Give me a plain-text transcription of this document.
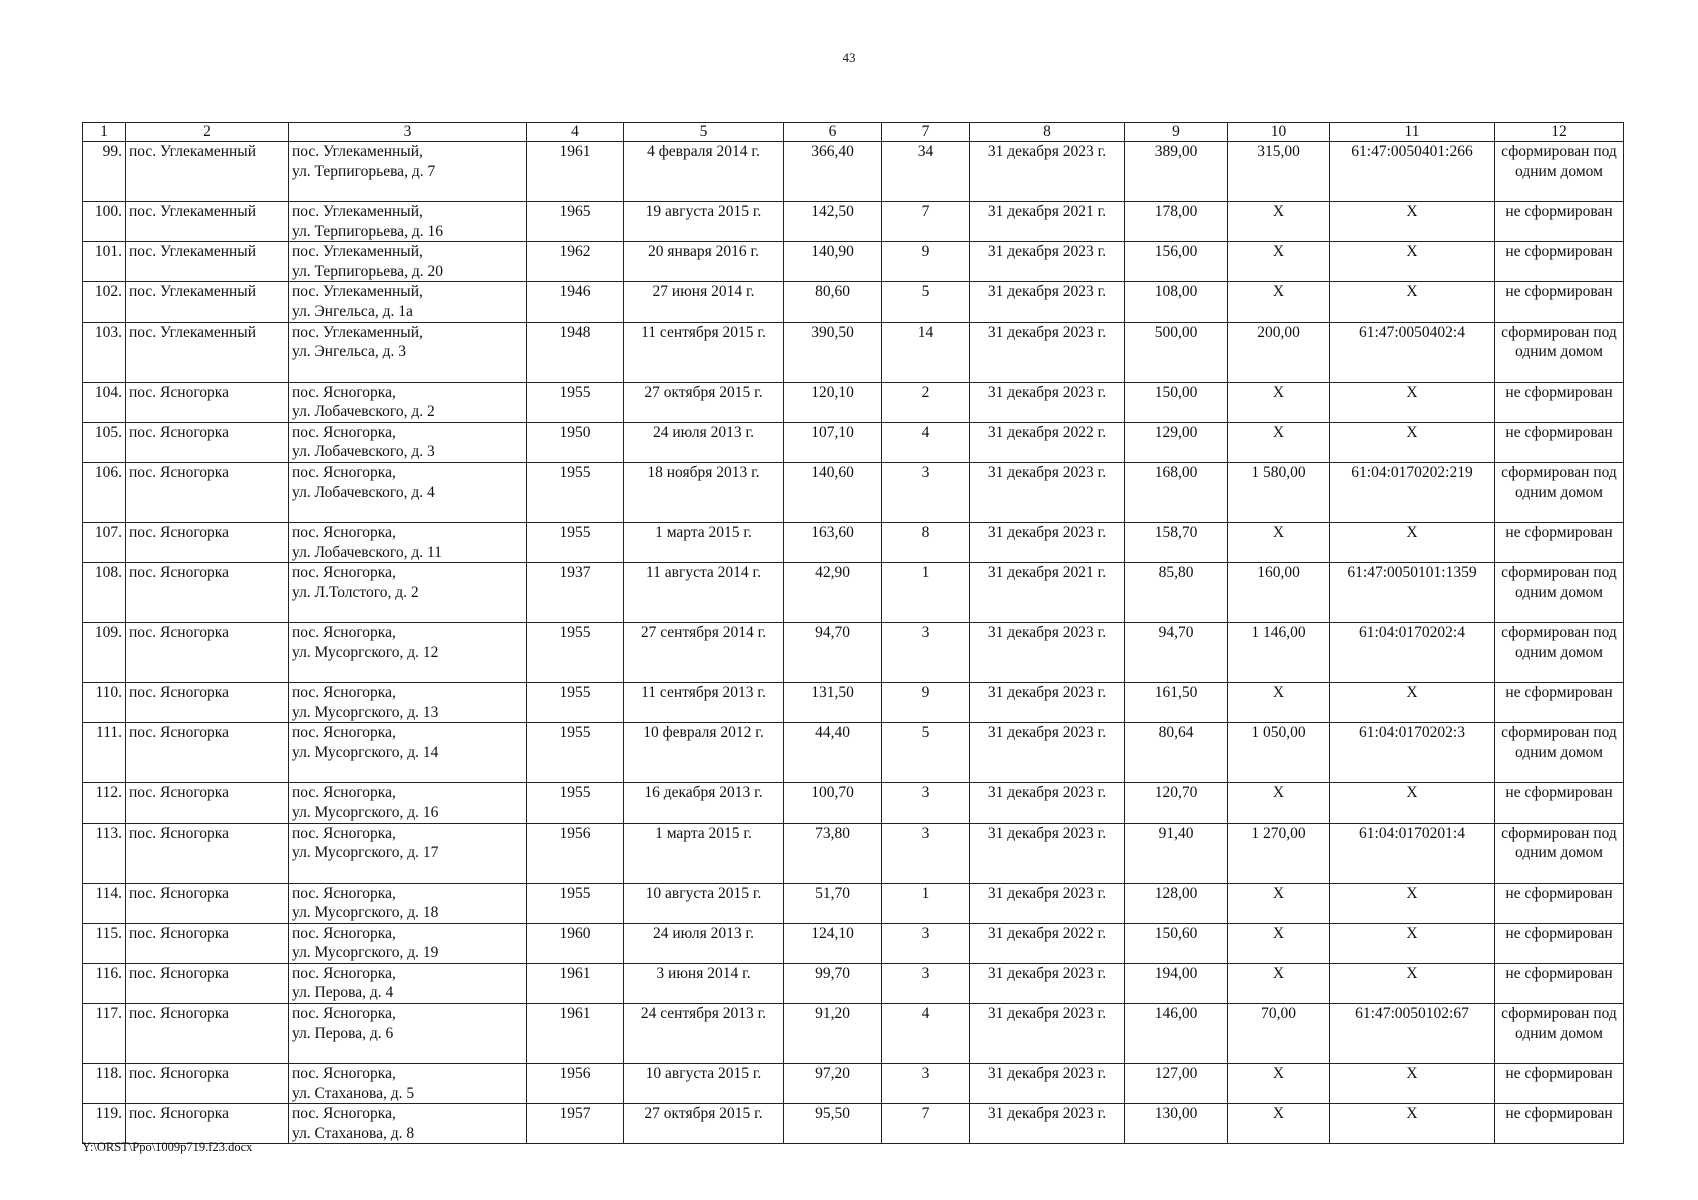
43
1	2	3	4	5	6	7	8	9	10	11	12
99.	пос. Углекаменный	пос. Углекаменный,
ул. Терпигорьева, д. 7	1961	4 февраля 2014 г.	366,40	34	31 декабря 2023 г.	389,00	315,00	61:47:0050401:266	сформирован под одним домом
100.	пос. Углекаменный	пос. Углекаменный,
ул. Терпигорьева, д. 16	1965	19 августа 2015 г.	142,50	7	31 декабря 2021 г.	178,00	X	X	не сформирован
101.	пос. Углекаменный	пос. Углекаменный,
ул. Терпигорьева, д. 20	1962	20 января 2016 г.	140,90	9	31 декабря 2023 г.	156,00	X	X	не сформирован
102.	пос. Углекаменный	пос. Углекаменный,
ул. Энгельса, д. 1а	1946	27 июня 2014 г.	80,60	5	31 декабря 2023 г.	108,00	X	X	не сформирован
103.	пос. Углекаменный	пос. Углекаменный,
ул. Энгельса, д. 3	1948	11 сентября 2015 г.	390,50	14	31 декабря 2023 г.	500,00	200,00	61:47:0050402:4	сформирован под одним домом
104.	пос. Ясногорка	пос. Ясногорка,
ул. Лобачевского, д. 2	1955	27 октября 2015 г.	120,10	2	31 декабря 2023 г.	150,00	X	X	не сформирован
105.	пос. Ясногорка	пос. Ясногорка,
ул. Лобачевского, д. 3	1950	24 июля 2013 г.	107,10	4	31 декабря 2022 г.	129,00	X	X	не сформирован
106.	пос. Ясногорка	пос. Ясногорка,
ул. Лобачевского, д. 4	1955	18 ноября 2013 г.	140,60	3	31 декабря 2023 г.	168,00	1 580,00	61:04:0170202:219	сформирован под одним домом
107.	пос. Ясногорка	пос. Ясногорка,
ул. Лобачевского, д. 11	1955	1 марта 2015 г.	163,60	8	31 декабря 2023 г.	158,70	X	X	не сформирован
108.	пос. Ясногорка	пос. Ясногорка,
ул. Л.Толстого, д. 2	1937	11 августа 2014 г.	42,90	1	31 декабря 2021 г.	85,80	160,00	61:47:0050101:1359	сформирован под одним домом
109.	пос. Ясногорка	пос. Ясногорка,
ул. Мусоргского, д. 12	1955	27 сентября 2014 г.	94,70	3	31 декабря 2023 г.	94,70	1 146,00	61:04:0170202:4	сформирован под одним домом
110.	пос. Ясногорка	пос. Ясногорка,
ул. Мусоргского, д. 13	1955	11 сентября 2013 г.	131,50	9	31 декабря 2023 г.	161,50	X	X	не сформирован
111.	пос. Ясногорка	пос. Ясногорка,
ул. Мусоргского, д. 14	1955	10 февраля 2012 г.	44,40	5	31 декабря 2023 г.	80,64	1 050,00	61:04:0170202:3	сформирован под одним домом
112.	пос. Ясногорка	пос. Ясногорка,
ул. Мусоргского, д. 16	1955	16 декабря 2013 г.	100,70	3	31 декабря 2023 г.	120,70	X	X	не сформирован
113.	пос. Ясногорка	пос. Ясногорка,
ул. Мусоргского, д. 17	1956	1 марта 2015 г.	73,80	3	31 декабря 2023 г.	91,40	1 270,00	61:04:0170201:4	сформирован под одним домом
114.	пос. Ясногорка	пос. Ясногорка,
ул. Мусоргского, д. 18	1955	10 августа 2015 г.	51,70	1	31 декабря 2023 г.	128,00	X	X	не сформирован
115.	пос. Ясногорка	пос. Ясногорка,
ул. Мусоргского, д. 19	1960	24 июля 2013 г.	124,10	3	31 декабря 2022 г.	150,60	X	X	не сформирован
116.	пос. Ясногорка	пос. Ясногорка,
ул. Перова, д. 4	1961	3 июня 2014 г.	99,70	3	31 декабря 2023 г.	194,00	X	X	не сформирован
117.	пос. Ясногорка	пос. Ясногорка,
ул. Перова, д. 6	1961	24 сентября 2013 г.	91,20	4	31 декабря 2023 г.	146,00	70,00	61:47:0050102:67	сформирован под одним домом
118.	пос. Ясногорка	пос. Ясногорка,
ул. Стаханова, д. 5	1956	10 августа 2015 г.	97,20	3	31 декабря 2023 г.	127,00	X	X	не сформирован
119.	пос. Ясногорка	пос. Ясногорка,
ул. Стаханова, д. 8	1957	27 октября 2015 г.	95,50	7	31 декабря 2023 г.	130,00	X	X	не сформирован
Y:\ORST\Ppo\1009p719.f23.docx
